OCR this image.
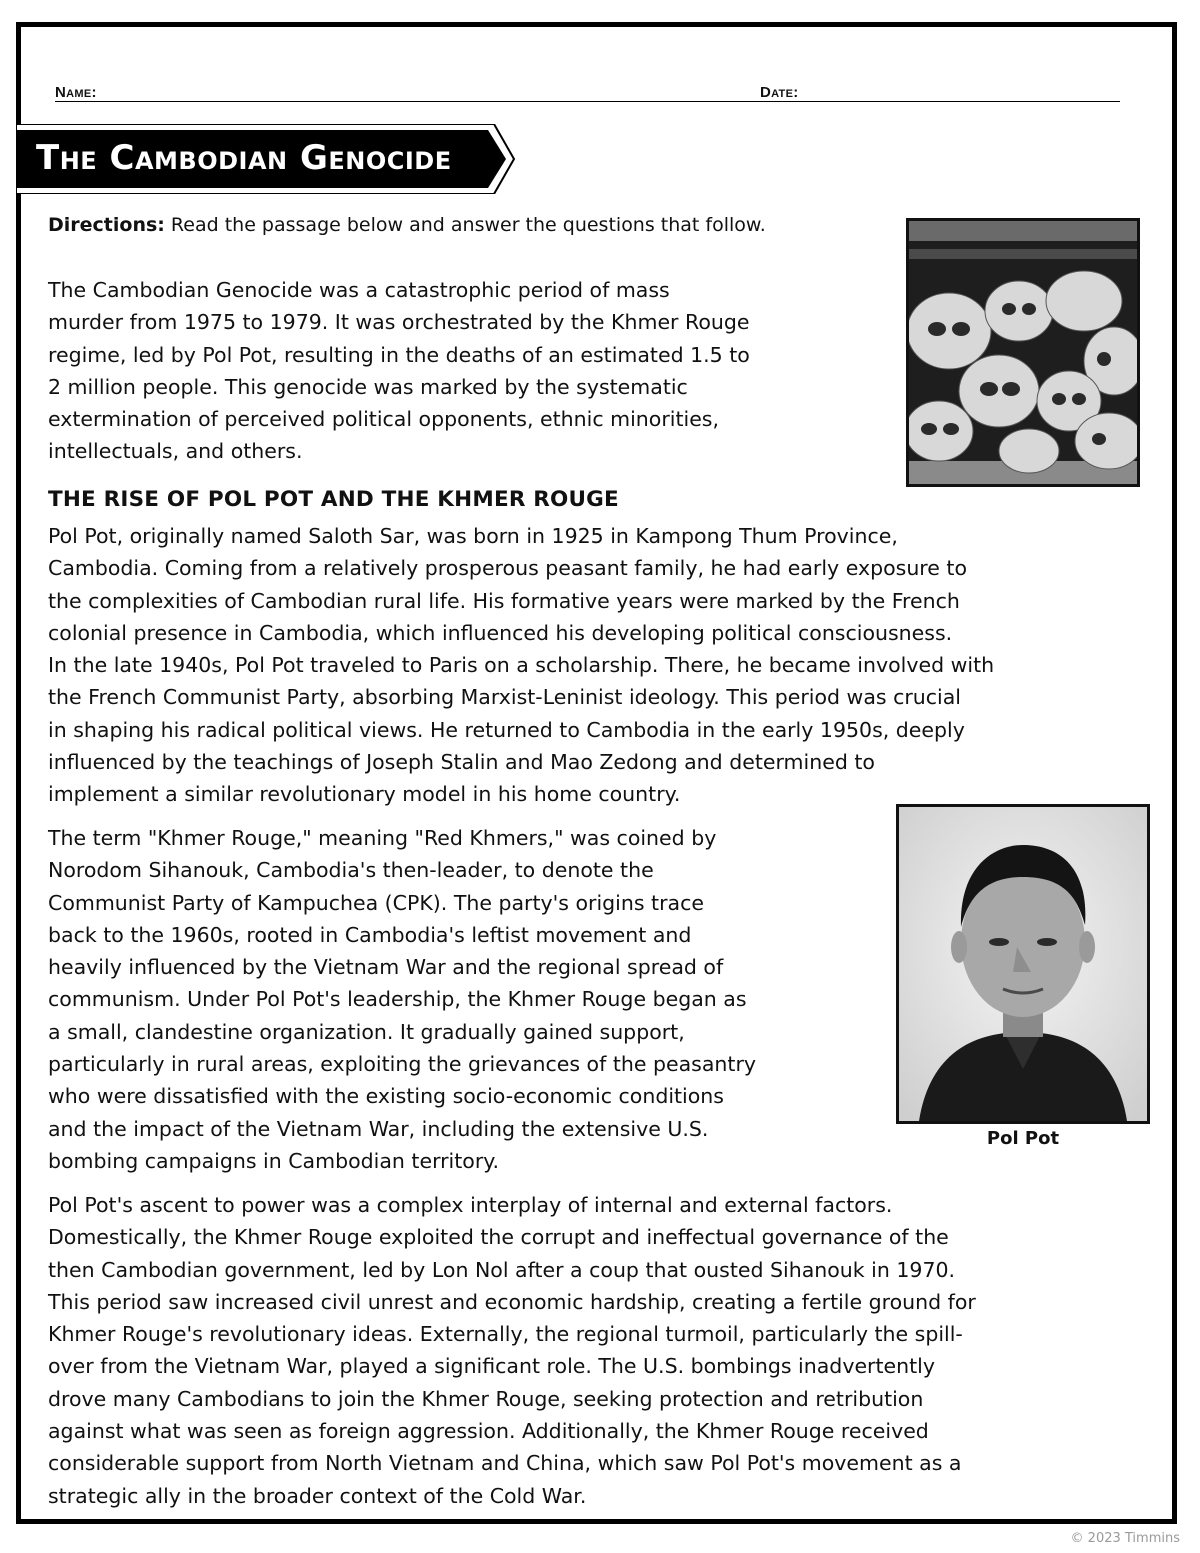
Name:	Date:
The Cambodian Genocide
Directions: Read the passage below and answer the questions that follow.
The Cambodian Genocide was a catastrophic period of mass
murder from 1975 to 1979. It was orchestrated by the Khmer Rouge
regime, led by Pol Pot, resulting in the deaths of an estimated 1.5 to
2 million people. This genocide was marked by the systematic
extermination of perceived political opponents, ethnic minorities,
intellectuals, and others.
THE RISE OF POL POT AND THE KHMER ROUGE
Pol Pot, originally named Saloth Sar, was born in 1925 in Kampong Thum Province,
Cambodia. Coming from a relatively prosperous peasant family, he had early exposure to
the complexities of Cambodian rural life. His formative years were marked by the French
colonial presence in Cambodia, which influenced his developing political consciousness.
In the late 1940s, Pol Pot traveled to Paris on a scholarship. There, he became involved with
the French Communist Party, absorbing Marxist-Leninist ideology. This period was crucial
in shaping his radical political views. He returned to Cambodia in the early 1950s, deeply
influenced by the teachings of Joseph Stalin and Mao Zedong and determined to
implement a similar revolutionary model in his home country.
The term "Khmer Rouge," meaning "Red Khmers," was coined by
Norodom Sihanouk, Cambodia's then-leader, to denote the
Communist Party of Kampuchea (CPK). The party's origins trace
back to the 1960s, rooted in Cambodia's leftist movement and
heavily influenced by the Vietnam War and the regional spread of
communism. Under Pol Pot's leadership, the Khmer Rouge began as
a small, clandestine organization. It gradually gained support,
particularly in rural areas, exploiting the grievances of the peasantry
who were dissatisfied with the existing socio-economic conditions
and the impact of the Vietnam War, including the extensive U.S.
bombing campaigns in Cambodian territory.
Pol Pot
Pol Pot's ascent to power was a complex interplay of internal and external factors.
Domestically, the Khmer Rouge exploited the corrupt and ineffectual governance of the
then Cambodian government, led by Lon Nol after a coup that ousted Sihanouk in 1970.
This period saw increased civil unrest and economic hardship, creating a fertile ground for
Khmer Rouge's revolutionary ideas. Externally, the regional turmoil, particularly the spill-
over from the Vietnam War, played a significant role. The U.S. bombings inadvertently
drove many Cambodians to join the Khmer Rouge, seeking protection and retribution
against what was seen as foreign aggression. Additionally, the Khmer Rouge received
considerable support from North Vietnam and China, which saw Pol Pot's movement as a
strategic ally in the broader context of the Cold War.
© 2023 Timmins
